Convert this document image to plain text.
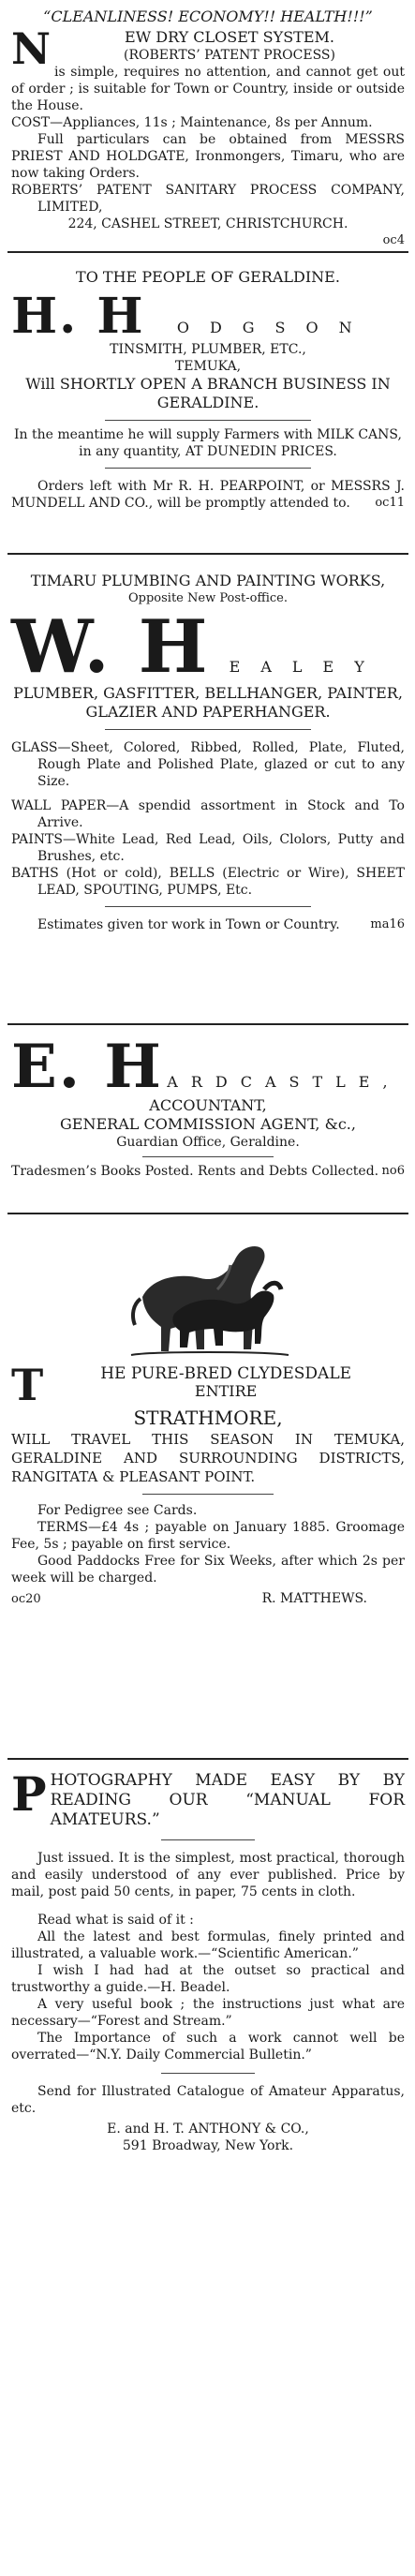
“CLEANLINESS! ECONOMY!! HEALTH!!!”

N	EW DRY CLOSET SYSTEM.

(ROBERTS’ PATENT PROCESS)

is simple, requires no attention, and cannot get out of order ; is suitable for Town or Country, inside or outside the House.

COST—Appliances, 11s ; Maintenance, 8s per Annum.

Full particulars can be obtained from MESSRS PRIEST AND HOLDGATE, Ironmongers, Timaru, who are now taking Orders.

ROBERTS’ PATENT SANITARY PROCESS COMPANY, LIMITED,

224, CASHEL STREET, CHRISTCHURCH.

oc4

TO THE PEOPLE OF GERALDINE.

H. H	ODGSON

TINSMITH, PLUMBER, ETC.,

TEMUKA,

Will SHORTLY OPEN A BRANCH BUSINESS IN GERALDINE.

In the meantime he will supply Farmers with MILK CANS, in any quantity, AT DUNEDIN PRICES.

Orders left with Mr R. H. PEARPOINT, or MESSRS J. MUNDELL AND CO., will be promptly attended to.	oc11

TIMARU PLUMBING AND PAINTING WORKS,

Opposite New Post-office.

W. H	EALEY

PLUMBER, GASFITTER, BELLHANGER, PAINTER, GLAZIER AND PAPERHANGER.

GLASS—Sheet, Colored, Ribbed, Rolled, Plate, Fluted, Rough Plate and Polished Plate, glazed or cut to any Size.

WALL PAPER—A spendid assortment in Stock and To Arrive.

PAINTS—White Lead, Red Lead, Oils, Clolors, Putty and Brushes, etc.

BATHS (Hot or cold), BELLS (Electric or Wire), SHEET LEAD, SPOUTING, PUMPS, Etc.

Estimates given tor work in Town or Country.	ma16

E. H ARDCASTLE,

ACCOUNTANT,

GENERAL COMMISSION AGENT, &c.,

Guardian Office, Geraldine.

Tradesmen’s Books Posted. Rents and Debts Collected. no6

T	HE PURE-BRED CLYDESDALE

ENTIRE

STRATHMORE,

WILL TRAVEL THIS SEASON IN TEMUKA, GERALDINE AND SURROUNDING DISTRICTS, RANGITATA & PLEASANT POINT.

For Pedigree see Cards.

TERMS—£4 4s ; payable on January 1885. Groomage Fee, 5s ; payable on first service.

Good Paddocks Free for Six Weeks, after which 2s per week will be charged.

oc20	R. MATTHEWS.
P HOTOGRAPHY MADE EASY BY BY READING OUR “MANUAL FOR AMATEURS.”

Just issued. It is the simplest, most practical, thorough and easily understood of any ever published. Price by mail, post paid 50 cents, in paper, 75 cents in cloth.

Read what is said of it :

All the latest and best formulas, finely printed and illustrated, a valuable work.—“Scientific American.”

I wish I had had at the outset so practical and trustworthy a guide.—H. Beadel.

A very useful book ; the instructions just what are necessary—“Forest and Stream.”

The Importance of such a work cannot well be overrated—“N.Y. Daily Commercial Bulletin.”

Send for Illustrated Catalogue of Amateur Apparatus, etc.

E. and H. T. ANTHONY & CO.,

591 Broadway, New York.
